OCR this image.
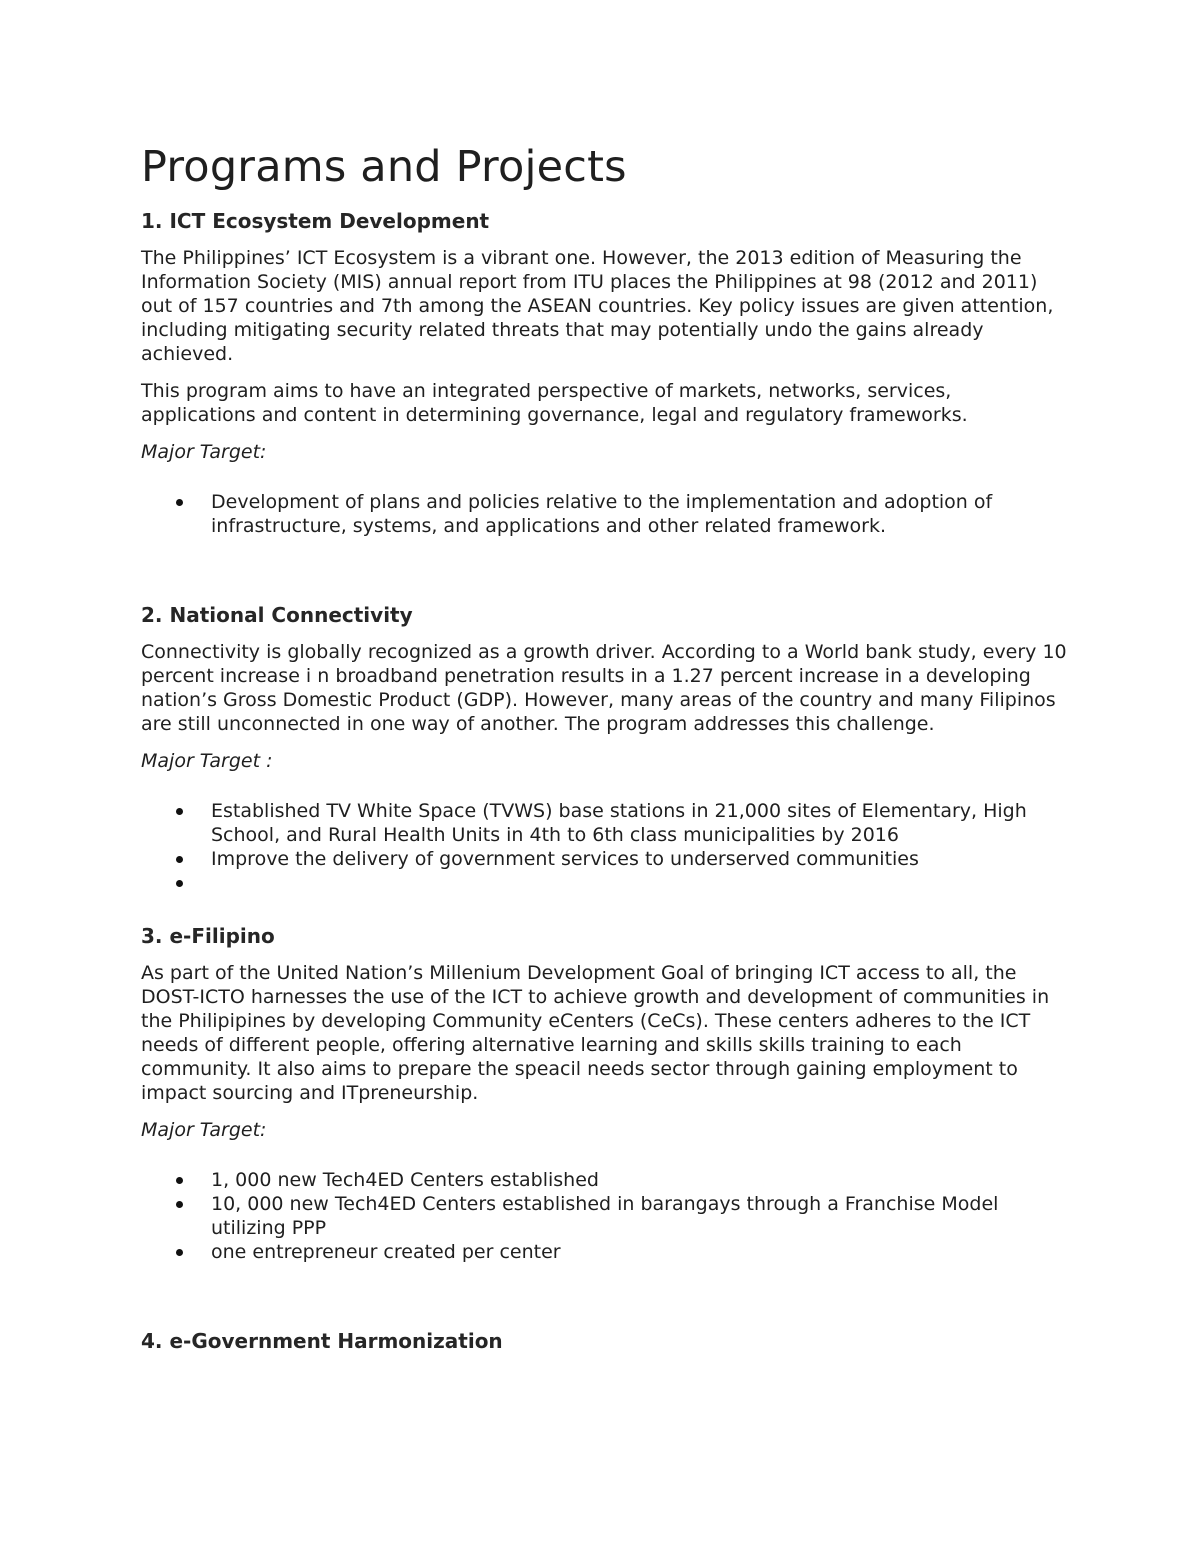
Programs and Projects
1. ICT Ecosystem Development

The Philippines’ ICT Ecosystem is a vibrant one. However, the 2013 edition of Measuring the Information Society (MIS) annual report from ITU places the Philippines at 98 (2012 and 2011) out of 157 countries and 7th among the ASEAN countries. Key policy issues are given attention, including mitigating security related threats that may potentially undo the gains already achieved.

This program aims to have an integrated perspective of markets, networks, services, applications and content in determining governance, legal and regulatory frameworks.

Major Target:

Development of plans and policies relative to the implementation and adoption of infrastructure, systems, and applications and other related framework.
2. National Connectivity

Connectivity is globally recognized as a growth driver. According to a World bank study, every 10 percent increase i n broadband penetration results in a 1.27 percent increase in a developing nation’s Gross Domestic Product (GDP). However, many areas of the country and many Filipinos are still unconnected in one way of another. The program addresses this challenge.

Major Target :

Established TV White Space (TVWS) base stations in 21,000 sites of Elementary, High School, and Rural Health Units in 4th to 6th class municipalities by 2016
Improve the delivery of government services to underserved communities
3. e-Filipino

As part of the United Nation’s Millenium Development Goal of bringing ICT access to all, the DOST-ICTO harnesses the use of the ICT to achieve growth and development of communities in the Philipipines by developing Community eCenters (CeCs). These centers adheres to the ICT needs of different people, offering alternative learning and skills skills training to each community. It also aims to prepare the speacil needs sector through gaining employment to impact sourcing and ITpreneurship.

Major Target:

1, 000 new Tech4ED Centers established
10, 000 new Tech4ED Centers established in barangays through a Franchise Model utilizing PPP
one entrepreneur created per center
4. e-Government Harmonization
